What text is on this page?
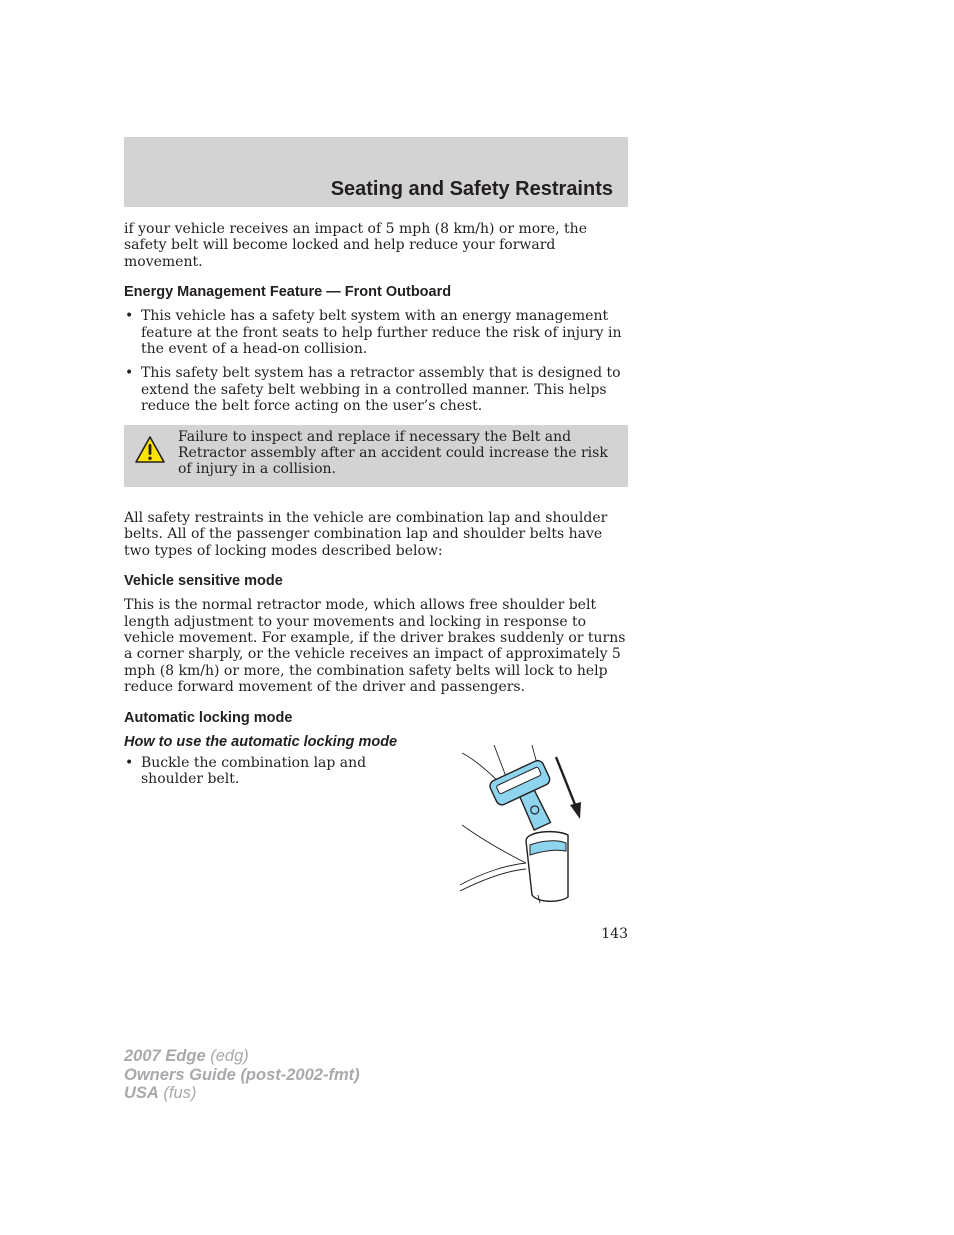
Seating and Safety Restraints

if your vehicle receives an impact of 5 mph (8 km/h) or more, the safety belt will become locked and help reduce your forward movement.

Energy Management Feature — Front Outboard
• This vehicle has a safety belt system with an energy management feature at the front seats to help further reduce the risk of injury in the event of a head-on collision.
• This safety belt system has a retractor assembly that is designed to extend the safety belt webbing in a controlled manner. This helps reduce the belt force acting on the user’s chest.

Failure to inspect and replace if necessary the Belt and Retractor assembly after an accident could increase the risk of injury in a collision.

All safety restraints in the vehicle are combination lap and shoulder belts. All of the passenger combination lap and shoulder belts have two types of locking modes described below:

Vehicle sensitive mode

This is the normal retractor mode, which allows free shoulder belt length adjustment to your movements and locking in response to vehicle movement. For example, if the driver brakes suddenly or turns a corner sharply, or the vehicle receives an impact of approximately 5 mph (8 km/h) or more, the combination safety belts will lock to help reduce forward movement of the driver and passengers.

Automatic locking mode
How to use the automatic locking mode
• Buckle the combination lap and shoulder belt.
143
2007 Edge (edg)
Owners Guide (post-2002-fmt)
USA (fus)
